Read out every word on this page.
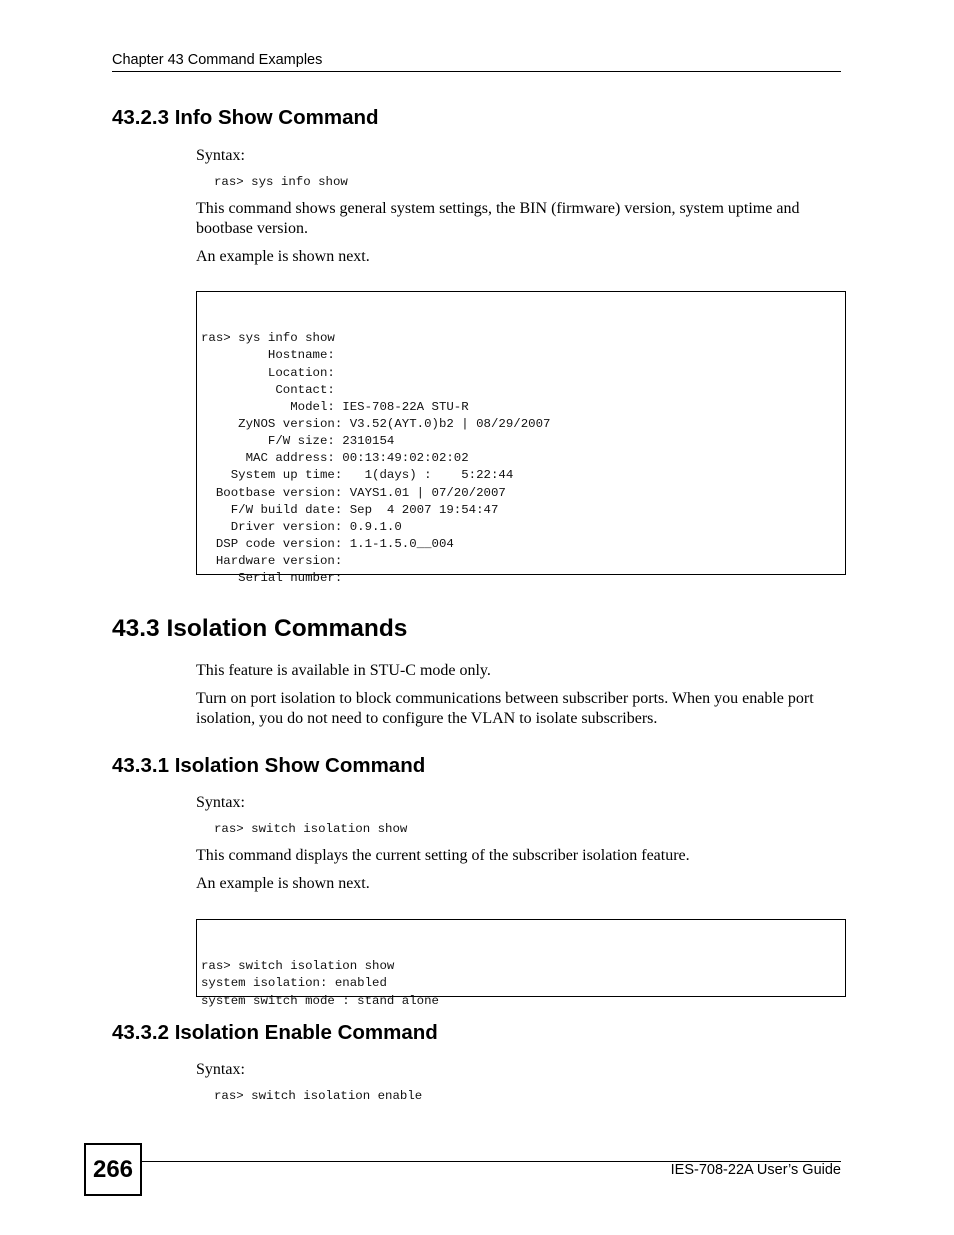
Chapter 43 Command Examples
43.2.3 Info Show Command
Syntax:
ras> sys info show
This command shows general system settings, the BIN (firmware) version, system uptime and bootbase version.
An example is shown next.

ras> sys info show
Hostname:
Location:
Contact:
Model: IES-708-22A STU-R
ZyNOS version: V3.52(AYT.0)b2 | 08/29/2007
F/W size: 2310154
MAC address: 00:13:49:02:02:02
System up time:   1(days) :    5:22:44
Bootbase version: VAYS1.01 | 07/20/2007
F/W build date: Sep  4 2007 19:54:47
Driver version: 0.9.1.0
DSP code version: 1.1-1.5.0__004
Hardware version:
Serial number:

43.3 Isolation Commands
This feature is available in STU-C mode only.
Turn on port isolation to block communications between subscriber ports. When you enable port isolation, you do not need to configure the VLAN to isolate subscribers.
43.3.1 Isolation Show Command
Syntax:
ras> switch isolation show
This command displays the current setting of the subscriber isolation feature.
An example is shown next.

ras> switch isolation show
system isolation: enabled
system switch mode : stand alone

43.3.2 Isolation Enable Command
Syntax:
ras> switch isolation enable
266	IES-708-22A User’s Guide
